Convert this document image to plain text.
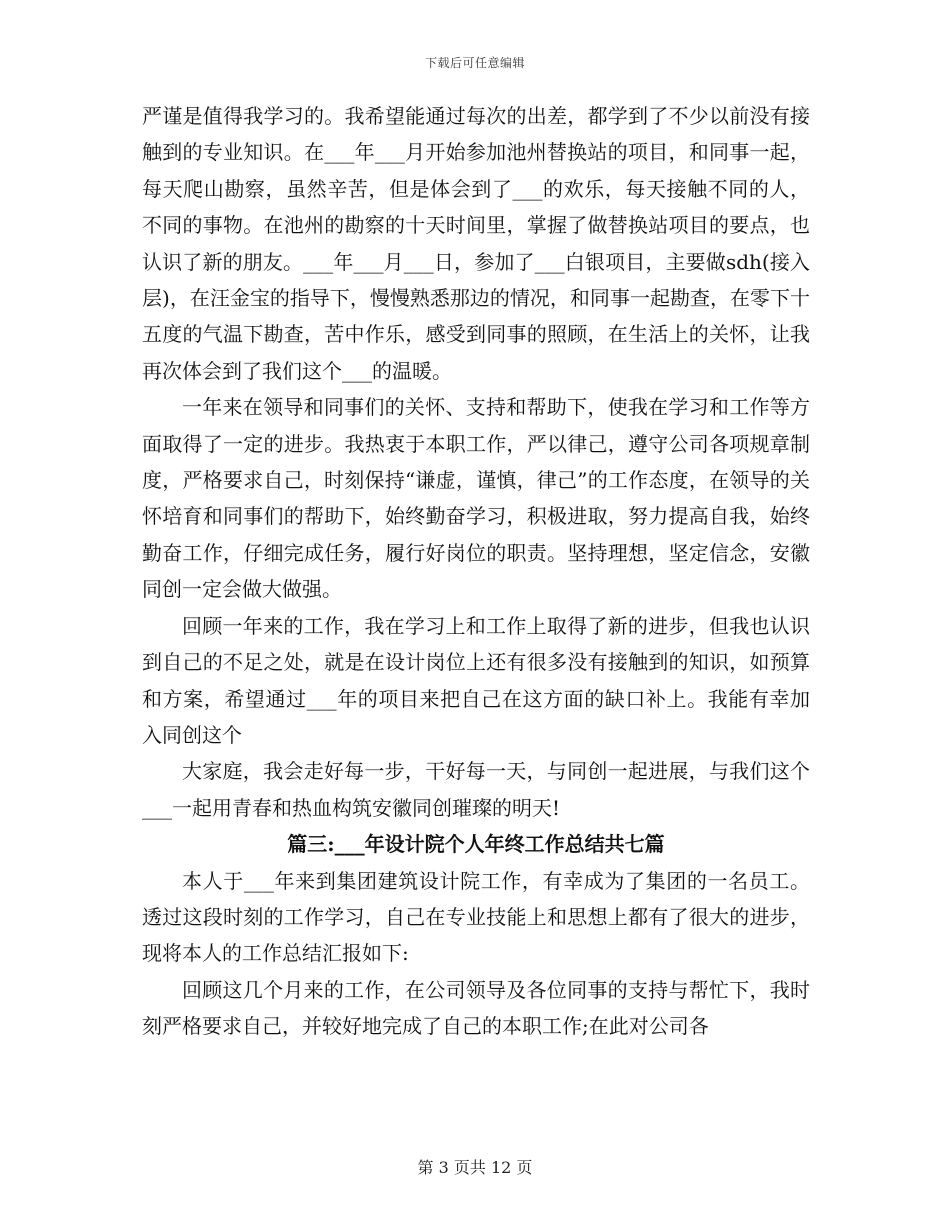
下载后可任意编辑

严谨是值得我学习的。我希望能通过每次的出差，都学到了不少以前没有接触到的专业知识。在___年___月开始参加池州替换站的项目，和同事一起，每天爬山勘察，虽然辛苦，但是体会到了___的欢乐，每天接触不同的人，不同的事物。在池州的勘察的十天时间里，掌握了做替换站项目的要点，也认识了新的朋友。___年___月___日，参加了___白银项目，主要做sdh(接入层)，在汪金宝的指导下，慢慢熟悉那边的情况，和同事一起勘查，在零下十五度的气温下勘查，苦中作乐，感受到同事的照顾，在生活上的关怀，让我再次体会到了我们这个___的温暖。

一年来在领导和同事们的关怀、支持和帮助下，使我在学习和工作等方面取得了一定的进步。我热衷于本职工作，严以律己，遵守公司各项规章制度，严格要求自己，时刻保持“谦虚，谨慎，律己”的工作态度，在领导的关怀培育和同事们的帮助下，始终勤奋学习，积极进取，努力提高自我，始终勤奋工作，仔细完成任务，履行好岗位的职责。坚持理想，坚定信念，安徽同创一定会做大做强。

回顾一年来的工作，我在学习上和工作上取得了新的进步，但我也认识到自己的不足之处，就是在设计岗位上还有很多没有接触到的知识，如预算和方案，希望通过___年的项目来把自己在这方面的缺口补上。我能有幸加入同创这个

大家庭，我会走好每一步，干好每一天，与同创一起进展，与我们这个___一起用青春和热血构筑安徽同创璀璨的明天!

篇三:___年设计院个人年终工作总结共七篇

本人于___年来到集团建筑设计院工作，有幸成为了集团的一名员工。透过这段时刻的工作学习，自己在专业技能上和思想上都有了很大的进步，现将本人的工作总结汇报如下:

回顾这几个月来的工作，在公司领导及各位同事的支持与帮忙下，我时刻严格要求自己，并较好地完成了自己的本职工作;在此对公司各

第 3 页共 12 页
